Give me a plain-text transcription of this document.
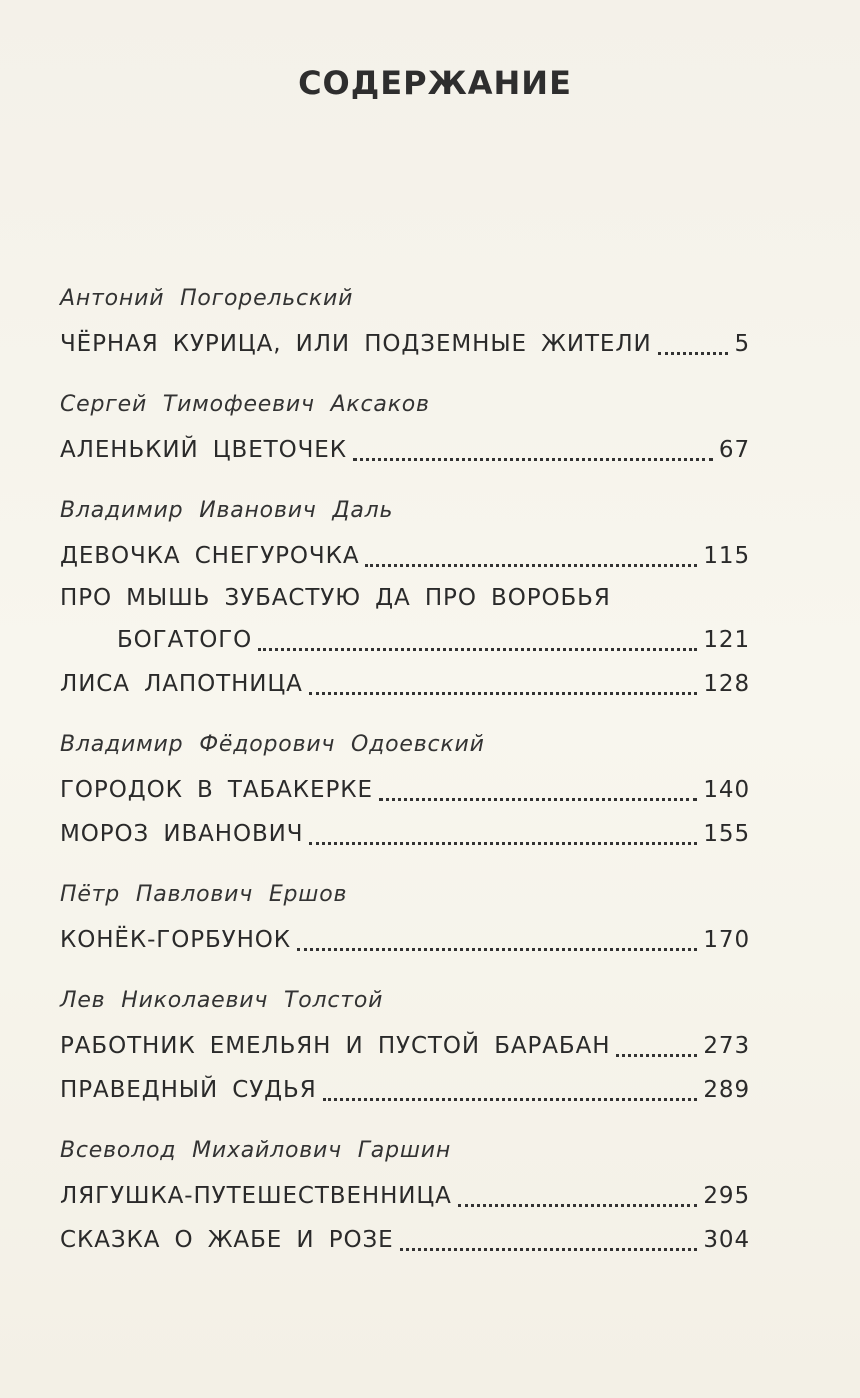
СОДЕРЖАНИЕ
Антоний Погорельский
ЧЁРНАЯ КУРИЦА, ИЛИ ПОДЗЕМНЫЕ ЖИТЕЛИ	5
Сергей Тимофеевич Аксаков
АЛЕНЬКИЙ ЦВЕТОЧЕК	67
Владимир Иванович Даль
ДЕВОЧКА СНЕГУРОЧКА	115
ПРО МЫШЬ ЗУБАСТУЮ ДА ПРО ВОРОБЬЯ
БОГАТОГО	121
ЛИСА ЛАПОТНИЦА	128
Владимир Фёдорович Одоевский
ГОРОДОК В ТАБАКЕРКЕ	140
МОРОЗ ИВАНОВИЧ	155
Пётр Павлович Ершов
КОНЁК-ГОРБУНОК	170
Лев Николаевич Толстой
РАБОТНИК ЕМЕЛЬЯН И ПУСТОЙ БАРАБАН	273
ПРАВЕДНЫЙ СУДЬЯ	289
Всеволод Михайлович Гаршин
ЛЯГУШКА-ПУТЕШЕСТВЕННИЦА	295
СКАЗКА О ЖАБЕ И РОЗЕ	304
